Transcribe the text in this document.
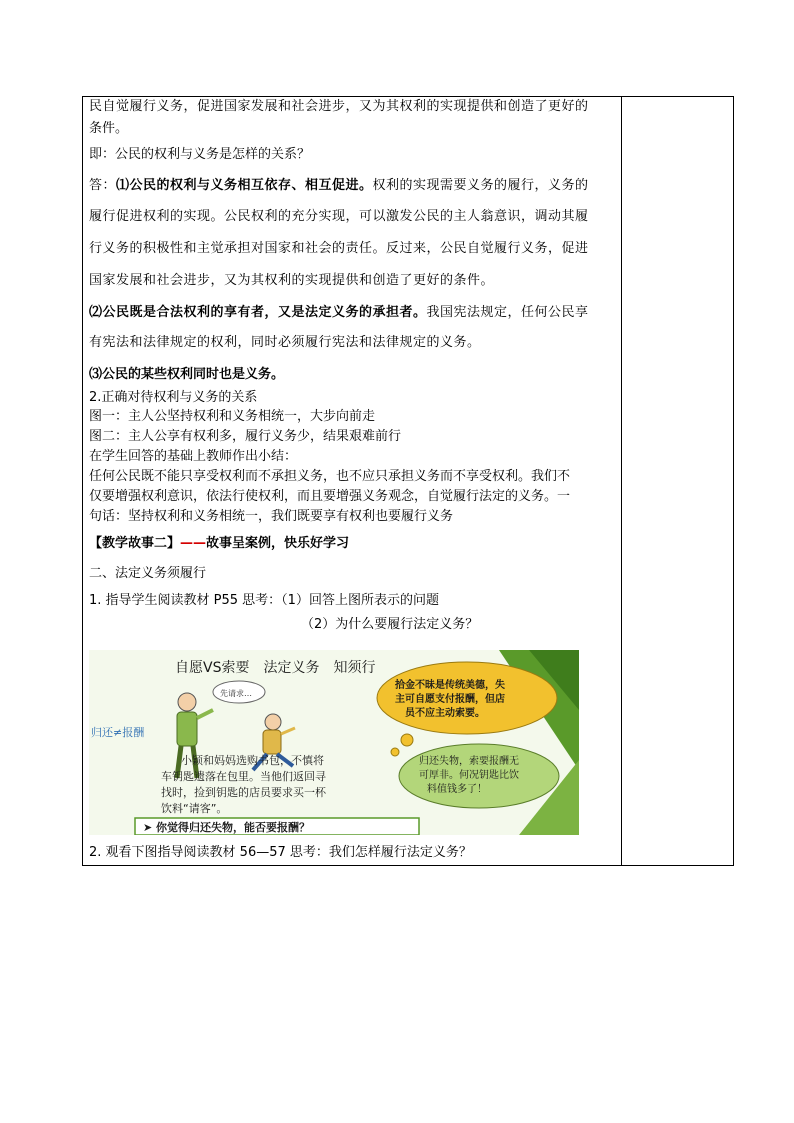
民自觉履行义务，促进国家发展和社会进步，又为其权利的实现提供和创造了更好的
条件。
即：公民的权利与义务是怎样的关系？
答：⑴公民的权利与义务相互依存、相互促进。权利的实现需要义务的履行，义务的
履行促进权利的实现。公民权利的充分实现，可以激发公民的主人翁意识，调动其履
行义务的积极性和主觉承担对国家和社会的责任。反过来，公民自觉履行义务，促进
国家发展和社会进步，又为其权利的实现提供和创造了更好的条件。
⑵公民既是合法权利的享有者，又是法定义务的承担者。我国宪法规定，任何公民享
有宪法和法律规定的权利，同时必须履行宪法和法律规定的义务。
⑶公民的某些权利同时也是义务。
2.正确对待权利与义务的关系
图一：主人公坚持权利和义务相统一，大步向前走
图二：主人公享有权利多，履行义务少，结果艰难前行
在学生回答的基础上教师作出小结：
任何公民既不能只享受权利而不承担义务，也不应只承担义务而不享受权利。我们不
仅要增强权利意识，依法行使权利，而且要增强义务观念，自觉履行法定的义务。一
句话：坚持权利和义务相统一，我们既要享有权利也要履行义务
【教学故事二】——故事呈案例，快乐好学习
二、法定义务须履行
1. 指导学生阅读教材 P55 思考：（1）回答上图所表示的问题
（2）为什么要履行法定义务？
自愿VS索要　法定义务　知须行
先请求…
归还≠报酬
拾金不昧是传统美德，失
主可自愿支付报酬，但店
员不应主动索要。
归还失物，索要报酬无
可厚非。何况钥匙比饮
料值钱多了！
小颖和妈妈选购书包，不慎将
车钥匙遗落在包里。当他们返回寻
找时，捡到钥匙的店员要求买一杯
饮料“请客”。
➤ 你觉得归还失物，能否要报酬？
2. 观看下图指导阅读教材 56—57 思考：我们怎样履行法定义务？
